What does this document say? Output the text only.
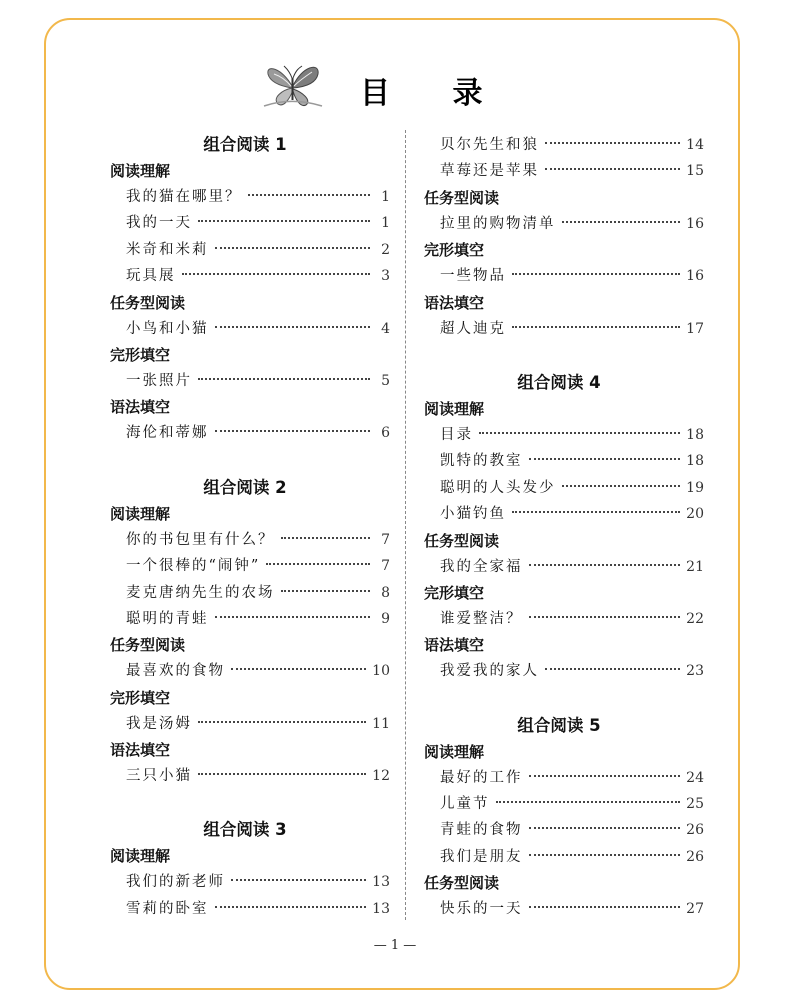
目 录
组合阅读 1
阅读理解
我的猫在哪里？	1
我的一天	1
米奇和米莉	2
玩具展	3
任务型阅读
小鸟和小猫	4
完形填空
一张照片	5
语法填空
海伦和蒂娜	6
组合阅读 2
阅读理解
你的书包里有什么？	7
一个很棒的“闹钟”	7
麦克唐纳先生的农场	8
聪明的青蛙	9
任务型阅读
最喜欢的食物	10
完形填空
我是汤姆	11
语法填空
三只小猫	12
组合阅读 3
阅读理解
我们的新老师	13
雪莉的卧室	13
贝尔先生和狼	14
草莓还是苹果	15
任务型阅读
拉里的购物清单	16
完形填空
一些物品	16
语法填空
超人迪克	17
组合阅读 4
阅读理解
目录	18
凯特的教室	18
聪明的人头发少	19
小猫钓鱼	20
任务型阅读
我的全家福	21
完形填空
谁爱整洁？	22
语法填空
我爱我的家人	23
组合阅读 5
阅读理解
最好的工作	24
儿童节	25
青蛙的食物	26
我们是朋友	26
任务型阅读
快乐的一天	27
— 1 —
